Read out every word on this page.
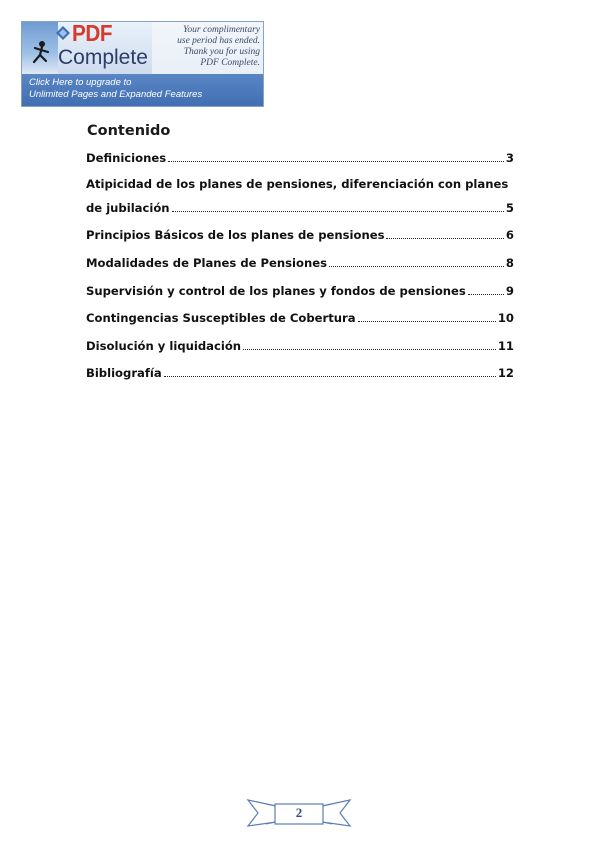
PDF
Complete
Your complimentary
use period has ended.
Thank you for using
PDF Complete.
Click Here to upgrade to
Unlimited Pages and Expanded Features
Contenido
Definiciones	3
Atipicidad de los planes de pensiones, diferenciación con planes
de jubilación	5
Principios Básicos de los planes de pensiones	6
Modalidades de Planes de Pensiones	8
Supervisión y control de los planes y fondos de pensiones	9
Contingencias Susceptibles de Cobertura	10
Disolución y liquidación	11
Bibliografía	12
2
